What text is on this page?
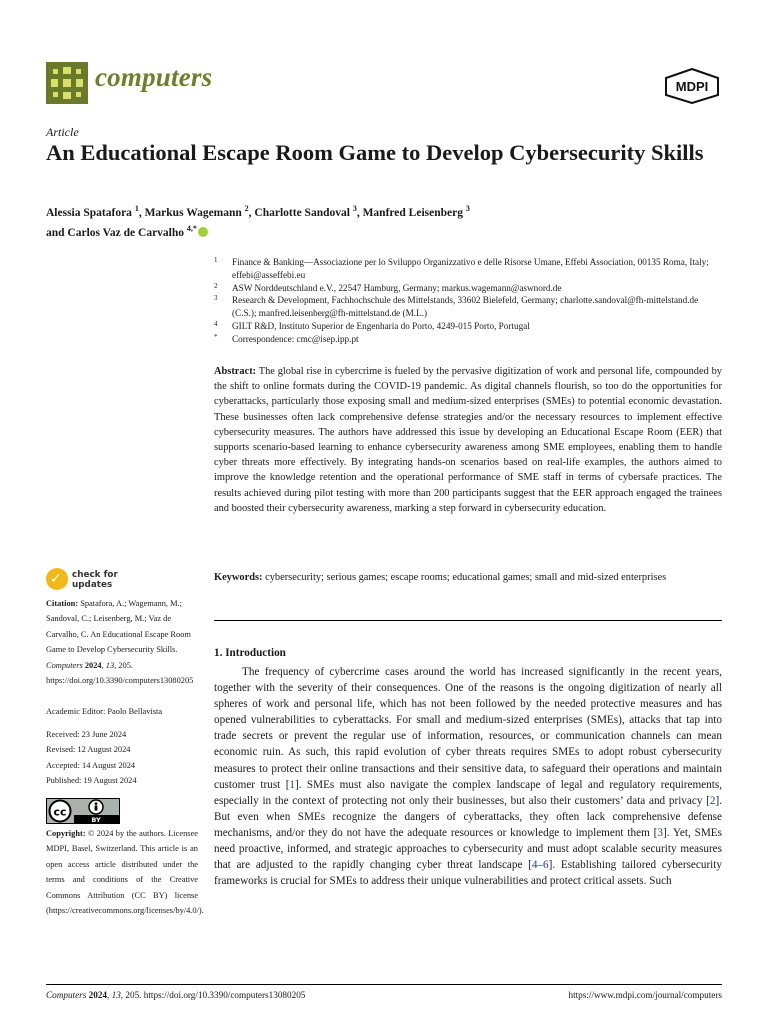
computers	MDPI
Article
An Educational Escape Room Game to Develop Cybersecurity Skills
Alessia Spatafora $^1$, Markus Wagemann $^2$, Charlotte Sandoval $^3$, Manfred Leisenberg $^3$
and Carlos Vaz de Carvalho $^{4,*}$
1 Finance & Banking—Associazione per lo Sviluppo Organizzativo e delle Risorse Umane, Effebi Association, 00135 Roma, Italy; effebi@asseffebi.eu
2 ASW Norddeutschland e.V., 22547 Hamburg, Germany; markus.wagemann@aswnord.de
3 Research & Development, Fachhochschule des Mittelstands, 33602 Bielefeld, Germany; charlotte.sandoval@fh-mittelstand.de (C.S.); manfred.leisenberg@fh-mittelstand.de (M.L.)
4 GILT R&D, Instituto Superior de Engenharia do Porto, 4249-015 Porto, Portugal
* Correspondence: cmc@isep.ipp.pt
Abstract: The global rise in cybercrime is fueled by the pervasive digitization of work and personal life, compounded by the shift to online formats during the COVID-19 pandemic. As digital channels flourish, so too do the opportunities for cyberattacks, particularly those exposing small and medium-sized enterprises (SMEs) to potential economic devastation. These businesses often lack comprehensive defense strategies and/or the necessary resources to implement effective cybersecurity measures. The authors have addressed this issue by developing an Educational Escape Room (EER) that supports scenario-based learning to enhance cybersecurity awareness among SME employees, enabling them to handle cyber threats more effectively. By integrating hands-on scenarios based on real-life examples, the authors aimed to improve the knowledge retention and the operational performance of SME staff in terms of cybersafe practices. The results achieved during pilot testing with more than 200 participants suggest that the EER approach engaged the trainees and boosted their cybersecurity awareness, marking a step forward in cybersecurity education.
Keywords: cybersecurity; serious games; escape rooms; educational games; small and mid-sized enterprises
✓ check for updates
Citation: Spatafora, A.; Wagemann, M.; Sandoval, C.; Leisenberg, M.; Vaz de Carvalho, C. An Educational Escape Room Game to Develop Cybersecurity Skills. Computers 2024, 13, 205. https://doi.org/10.3390/computers13080205
Academic Editor: Paolo Bellavista
Received: 23 June 2024
Revised: 12 August 2024
Accepted: 14 August 2024
Published: 19 August 2024
cc
BY
Copyright: © 2024 by the authors. Licensee MDPI, Basel, Switzerland. This article is an open access article distributed under the terms and conditions of the Creative Commons Attribution (CC BY) license (https://creativecommons.org/licenses/by/4.0/).
1. Introduction
The frequency of cybercrime cases around the world has increased significantly in the recent years, together with the severity of their consequences. One of the reasons is the ongoing digitization of nearly all spheres of work and personal life, which has not been followed by the needed protective measures and has opened vulnerabilities to cyberattacks. For small and medium-sized enterprises (SMEs), attacks that tap into trade secrets or prevent the regular use of information, resources, or communication channels can mean economic ruin. As such, this rapid evolution of cyber threats requires SMEs to adopt robust cybersecurity measures to protect their online transactions and their sensitive data, to safeguard their operations and maintain customer trust [1]. SMEs must also navigate the complex landscape of legal and regulatory requirements, especially in the context of protecting not only their businesses, but also their customers’ data and privacy [2]. But even when SMEs recognize the dangers of cyberattacks, they often lack comprehensive defense mechanisms, and/or they do not have the adequate resources or knowledge to implement them [3]. Yet, SMEs need proactive, informed, and strategic approaches to cybersecurity and must adopt scalable security measures that are adjusted to the rapidly changing cyber threat landscape [4–6]. Establishing tailored cybersecurity frameworks is crucial for SMEs to address their unique vulnerabilities and protect critical assets. Such
Computers 2024, 13, 205. https://doi.org/10.3390/computers13080205	https://www.mdpi.com/journal/computers
